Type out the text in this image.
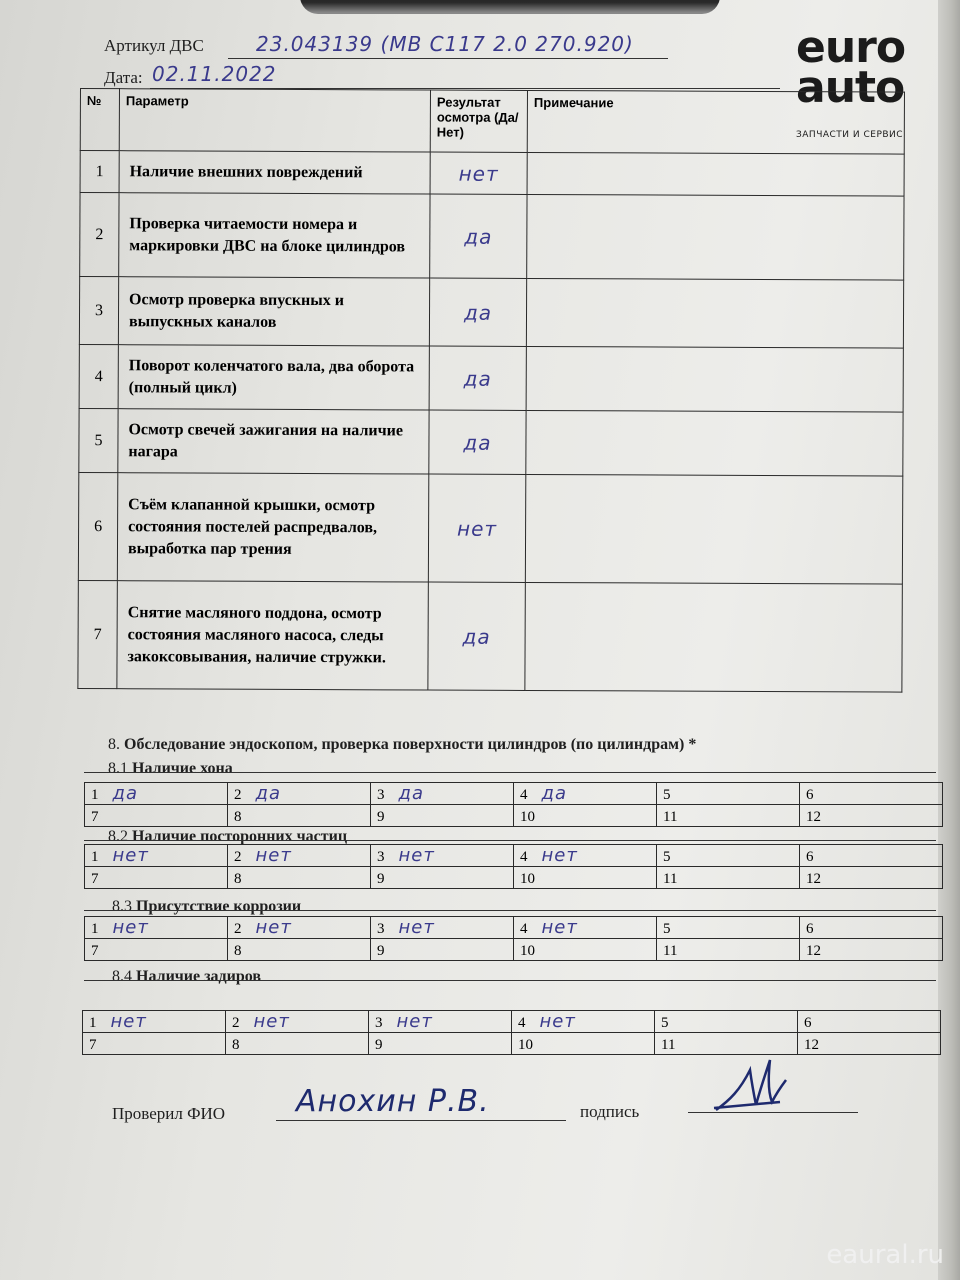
Артикул ДВС	23.043139 (MB C117 2.0 270.920)
Дата: 02.11.2022
euro
auto
ЗАПЧАСТИ И СЕРВИС
№	Параметр	Результат осмотра (Да/Нет)	Примечание
1	Наличие внешних повреждений	нет	
2	Проверка читаемости номера и маркировки ДВС на блоке цилиндров	да	
3	Осмотр проверка впускных и выпускных каналов	да	
4	Поворот коленчатого вала, два оборота (полный цикл)	да	
5	Осмотр свечей зажигания на наличие нагара	да	
6	Съём клапанной крышки, осмотр состояния постелей распредвалов, выработка пар трения	нет	
7	Снятие масляного поддона, осмотр состояния масляного насоса, следы закоксовывания, наличие стружки.	да	
8. Обследование эндоскопом, проверка поверхности цилиндров (по цилиндрам) *
8.1 Наличие хона
1 да	2 да	3 да	4 да	5	6
7	8	9	10	11	12
8.2 Наличие посторонних частиц
1 нет	2 нет	3 нет	4 нет	5	6
7	8	9	10	11	12
8.3 Присутствие коррозии
1 нет	2 нет	3 нет	4 нет	5	6
7	8	9	10	11	12
8.4 Наличие задиров
1 нет	2 нет	3 нет	4 нет	5	6
7	8	9	10	11	12
Проверил ФИО Анохин Р.В.	подпись
eaural.ru
